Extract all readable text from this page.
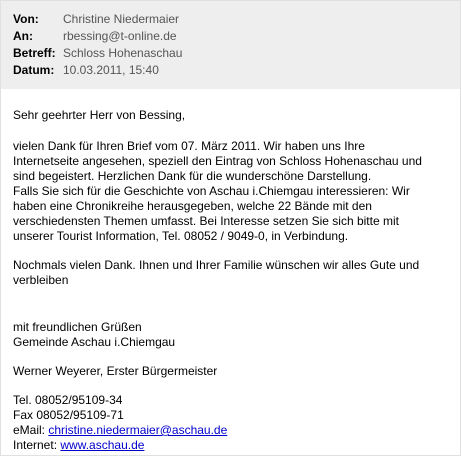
Von: Christine Niedermaier
An:	rbessing@t-online.de
Betreff: Schloss Hohenaschau
Datum: 10.03.2011, 15:40
Sehr geehrter Herr von Bessing,
vielen Dank für Ihren Brief vom 07. März 2011. Wir haben uns Ihre
Internetseite angesehen, speziell den Eintrag von Schloss Hohenaschau und
sind begeistert. Herzlichen Dank für die wunderschöne Darstellung.
Falls Sie sich für die Geschichte von Aschau i.Chiemgau interessieren: Wir
haben eine Chronikreihe herausgegeben, welche 22 Bände mit den
verschiedensten Themen umfasst. Bei Interesse setzen Sie sich bitte mit
unserer Tourist Information, Tel. 08052 / 9049-0, in Verbindung.
Nochmals vielen Dank. Ihnen und Ihrer Familie wünschen wir alles Gute und
verbleiben
mit freundlichen Grüßen
Gemeinde Aschau i.Chiemgau
Werner Weyerer, Erster Bürgermeister
Tel. 08052/95109-34
Fax 08052/95109-71
eMail: christine.niedermaier@aschau.de
Internet: www.aschau.de
